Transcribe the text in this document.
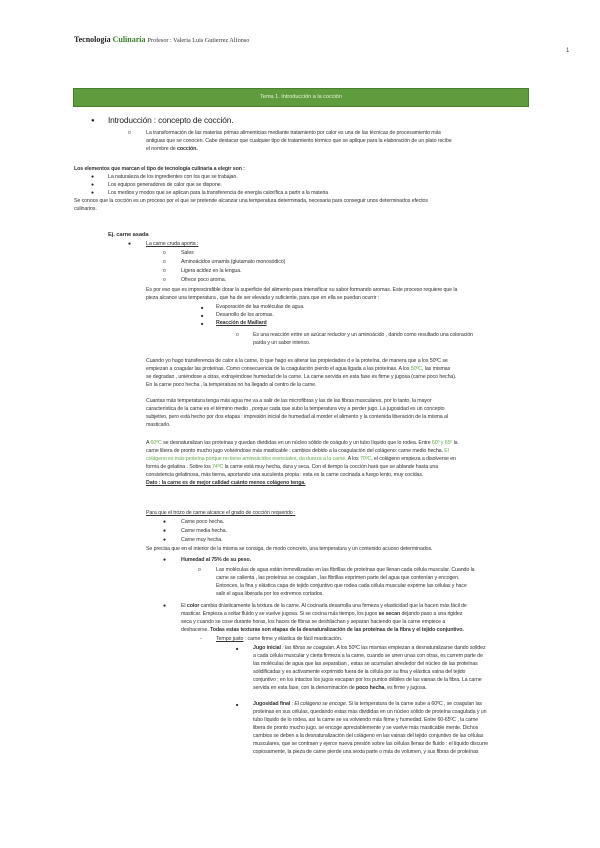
Tecnología Culinaria Profesor : Valeria Luis Gutierrez Alfonso
1
Tema 1. Introducción a la cocción
● Introducción : concepto de cocción.
o	La transformación de las materias primas alimenticias mediante tratamiento por calor es una de las técnicas de procesamiento más
antiguas que se conocen. Cabe destacar que cualquier tipo de tratamiento térmico que se aplique para la elaboración de un plato recibe
el nombre de cocción.
Los elementos que marcan el tipo de tecnología culinaria a elegir son :
●	La naturaleza de los ingredientes con los que se trabajan.
●	Los equipos generadores de calor que se dispone.
●	Los medios y modos que se aplican para la transferencia de energía calorífica a partir a la materia
Se conoce que la cocción es un proceso por el que se pretende alcanzar una temperatura determinada, necesaria para conseguir unos determinados efectos
culinarios.
Ej. carne asada
●	La carne cruda aporta :
o	Sales
o	Aminoácidos umamis (glutamato monosódico)
o	Ligera acidez en la lengua.
o	Ofrece poco aroma.
Es por eso que es imprescindible dorar la superficie del alimento para intensificar su sabor formando aromas. Este proceso requiere que la
pieza alcance una temperatura , que ha de ser elevada y suficiente, para que en ella se puedan ocurrir :
■ Evaporación de las moléculas de agua.
■ Desarrollo de los aromas.
■ Reacción de Maillard
o	Es una reacción entre un azúcar reductor y un aminoácido , dando como resultado una coloración
parda y un sabor intenso.
Cuando yo hago transferencia de calor a la carne, lo que hago es alterar las propiedades d e la proteína, de manera que a los 50ºC se
empiezan a coagular las proteínas. Como consecuencia de la coagulación pierdo el agua ligada a las proteínas. A los 50ºC, las mismas
se degradan , uniéndose a otras, extrayéndose humedad de la carne. La carne servida en esta fase es firme y jugosa (carne poco hecha).
En la carne poco hecha , la temperatura no ha llegado al centro de la carne.
Cuantas más temperatura tenga más agua me va a salir de las microfibras y las de las fibras musculares, por lo tanto, la mayor
característica de la carne es el término medio , porque cada que subo la temperatura voy a perder jugo. La jugosidad es un concepto
subjetivo, pero está hecho por dos etapas : impresión inicial de humedad al morder el alimento y la contenida liberación de la misma al
masticarlo.
A 60ºC se desnaturalizan las proteínas y quedan divididas en un núcleo sólido de coágulo y un tubo líquido que lo rodea. Entre 60º y 65º la
carne libera de pronto mucho jugo volviéndose más masticable : cambios debido a la coagulación del colágeno: carne medio hecha. El
colágeno es más proteína porque no tiene aminoácidos esenciales, da dureza a la carne. A los 70ºC, el colágeno empieza a disolverse en
forma de gelatina . Sobre los 74ºC la carne está muy hecha, dura y seca. Con el tiempo la cocción hará que se ablande hasta una
consistencia gelatinosa, más tierna, aportando una suculenta propia : esta es la carne cocinada a fuego lento, muy cocidas.
Dato : la carne es de mejor calidad cuánto menos colágeno tenga.
Para que el trozo de carne alcance el grado de cocción requerido :
●	Carne poco hecha.
●	Carne media hecha.
●	Carne muy hecha.
Se precisa que en el interior de la misma se consiga, de modo concreto, una temperatura y un contenido acuoso determinados.
●	Humedad al 75% de su peso.
o	Las moléculas de agua están inmovilizadas en las fibrillas de proteínas que llenan cada célula muscular. Cuando la
carne se calienta , las proteínas se coagulan , las fibrillas exprimen parte del agua que contenían y encogen.
Entonces, la fina y elástica capa de tejido conjuntivo que rodea cada célula muscular exprime las células y hace
salir el agua liberada por los extremos cortados.
●	El color cambia drásticamente la textura de la carne. Al cocinarla desarrolla una firmeza y elasticidad que la hacen más fácil de
masticar. Empieza a soltar fluido y se vuelve jugosa. Si se cocina más tiempo, los jugos se secan dejando paso a una rigidez
seca y cuando se cose durante horas, los haces de fibras se deshilachan y separan haciendo que la carne empiece a
deshacerse. Todas estas texturas son etapas de la desnaturalización de las proteínas de la fibra y el tejido conjuntivo.
-	Tempo justo : carne firme y elástica de fácil masticación.
■	Jugo inicial : las fibras se coagulan. A los 50ºC las mismas empiezan a desnaturalizarse dando solidez
a cada célula muscular y cierta firmeza a la carne, cuando se unen unas con otras, es currem parte de
las moléculas de agua que las separaban , estas se acumulan alrededor del núcleo de las proteínas
solidificadas y es activamente exprimido fuera de la célula por su fina y elástica vaina del tejido
conjuntivo ; en los intactos los jugos escapan por los puntos débiles de las vainas de la fibra. La carne
servida en esta fase, con la denominación de poco hecha, es firme y jugosa.
■	Jugosidad final : El colágeno se encoge. Si la temperatura de la carne sube a 60ºC , se coagulan las
proteínas en sus células, quedando estas más divididas en un núcleo sólido de proteína coagulada y un
tubo líquido de lo rodea, así la carne se va volviendo más firme y humedad. Entre 60-65ºC , la carne
libera de pronto mucho jugo, se encoge apreciablemente y se vuelve más masticable mente. Dichos
cambios se deben a la desnaturalización del colágeno en las vainas del tejido conjuntivo de las células
musculares, que se contraen y ejerce nueva presión sobre las células llenas de fluido : el líquido discurre
copiosamente, la pieza de carne pierde una sexta parte o más de volumen, y sus fibras de proteínas
